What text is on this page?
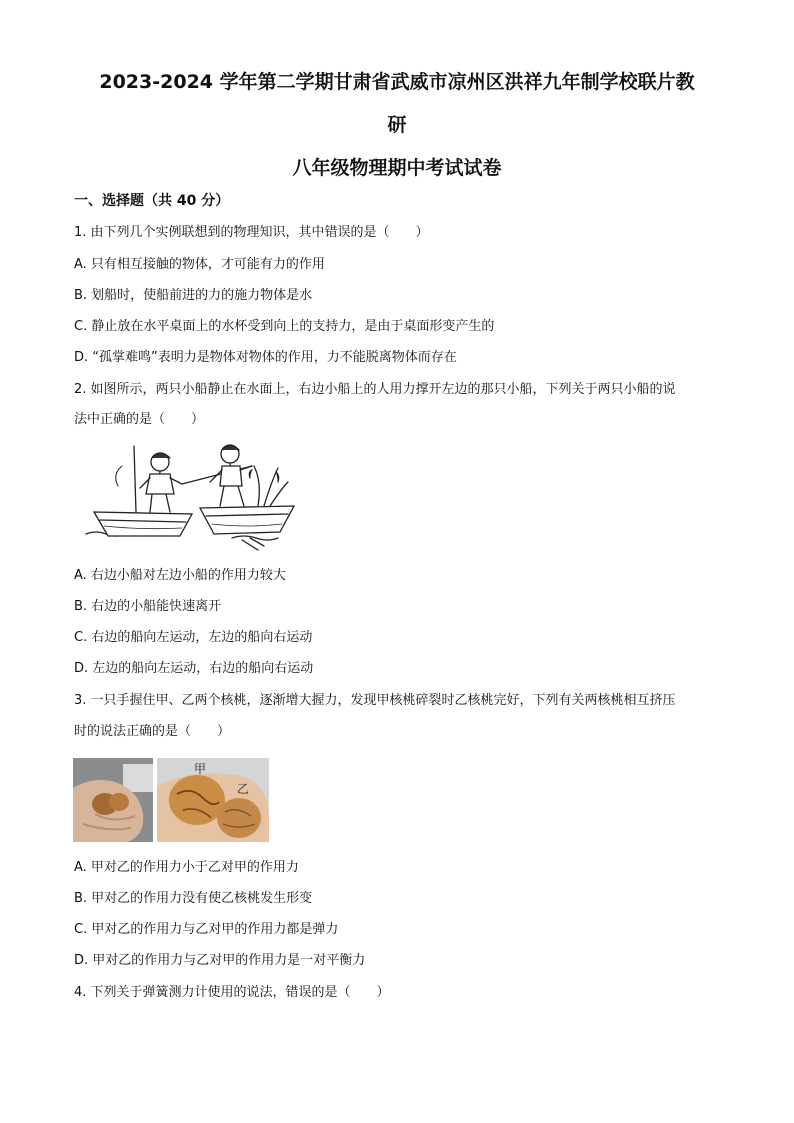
2023-2024 学年第二学期甘肃省武威市凉州区洪祥九年制学校联片教
研
八年级物理期中考试试卷
一、选择题（共 40 分）
1. 由下列几个实例联想到的物理知识，其中错误的是（　　）
A. 只有相互接触的物体，才可能有力的作用
B. 划船时，使船前进的力的施力物体是水
C. 静止放在水平桌面上的水杯受到向上的支持力，是由于桌面形变产生的
D. “孤掌难鸣”表明力是物体对物体的作用，力不能脱离物体而存在
2. 如图所示，两只小船静止在水面上，右边小船上的人用力撑开左边的那只小船，下列关于两只小船的说
法中正确的是（　　）
A. 右边小船对左边小船的作用力较大
B. 右边的小船能快速离开
C. 右边的船向左运动，左边的船向右运动
D. 左边的船向左运动，右边的船向右运动
3. 一只手握住甲、乙两个核桃，逐渐增大握力，发现甲核桃碎裂时乙核桃完好，下列有关两核桃相互挤压
时的说法正确的是（　　）
甲
乙
A. 甲对乙的作用力小于乙对甲的作用力
B. 甲对乙的作用力没有使乙核桃发生形变
C. 甲对乙的作用力与乙对甲的作用力都是弹力
D. 甲对乙的作用力与乙对甲的作用力是一对平衡力
4. 下列关于弹簧测力计使用的说法，错误的是（　　）
